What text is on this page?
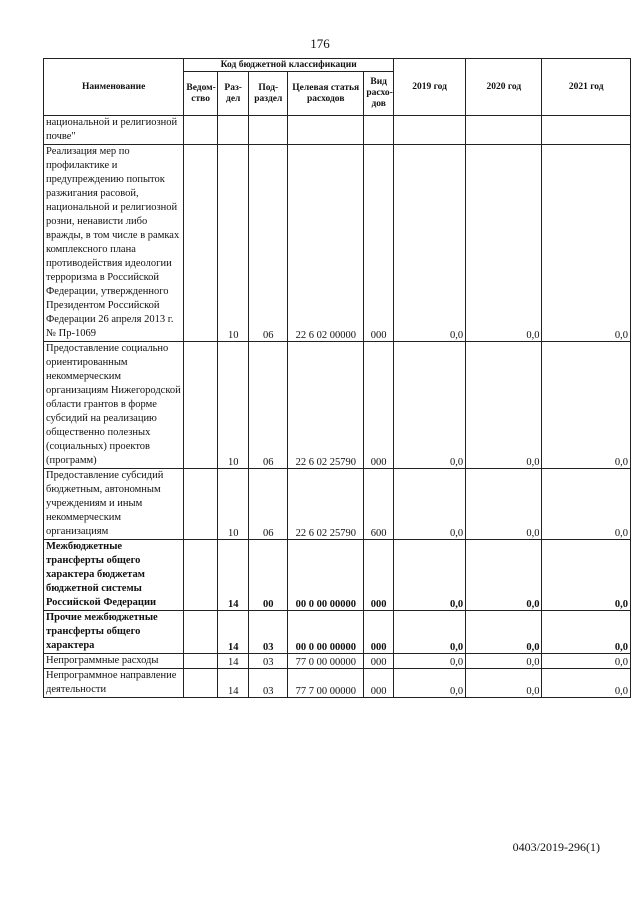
176
Наименование	Код бюджетной классификации					2019 год	2020 год	2021 год
	Ведом-ство	Раз-дел	Под-раздел	Целевая статья расходов	Вид расхо-дов			
национальной и религиозной почве"								
Реализация мер по профилактике и предупреждению попыток разжигания расовой, национальной и религиозной розни, ненависти либо вражды, в том числе в рамках комплексного плана противодействия идеологии терроризма в Российской Федерации, утвержденного Президентом Российской Федерации 26 апреля 2013 г. № Пр-1069		10	06	22 6 02 00000	000	0,0	0,0	0,0
Предоставление социально ориентированным некоммерческим организациям Нижегородской области грантов в форме субсидий на реализацию общественно полезных (социальных) проектов (программ)		10	06	22 6 02 25790	000	0,0	0,0	0,0
Предоставление субсидий бюджетным, автономным учреждениям и иным некоммерческим организациям		10	06	22 6 02 25790	600	0,0	0,0	0,0
Межбюджетные трансферты общего характера бюджетам бюджетной системы Российской Федерации		14	00	00 0 00 00000	000	0,0	0,0	0,0
Прочие межбюджетные трансферты общего характера		14	03	00 0 00 00000	000	0,0	0,0	0,0
Непрограммные расходы		14	03	77 0 00 00000	000	0,0	0,0	0,0
Непрограммное направление деятельности		14	03	77 7 00 00000	000	0,0	0,0	0,0
0403/2019-296(1)
